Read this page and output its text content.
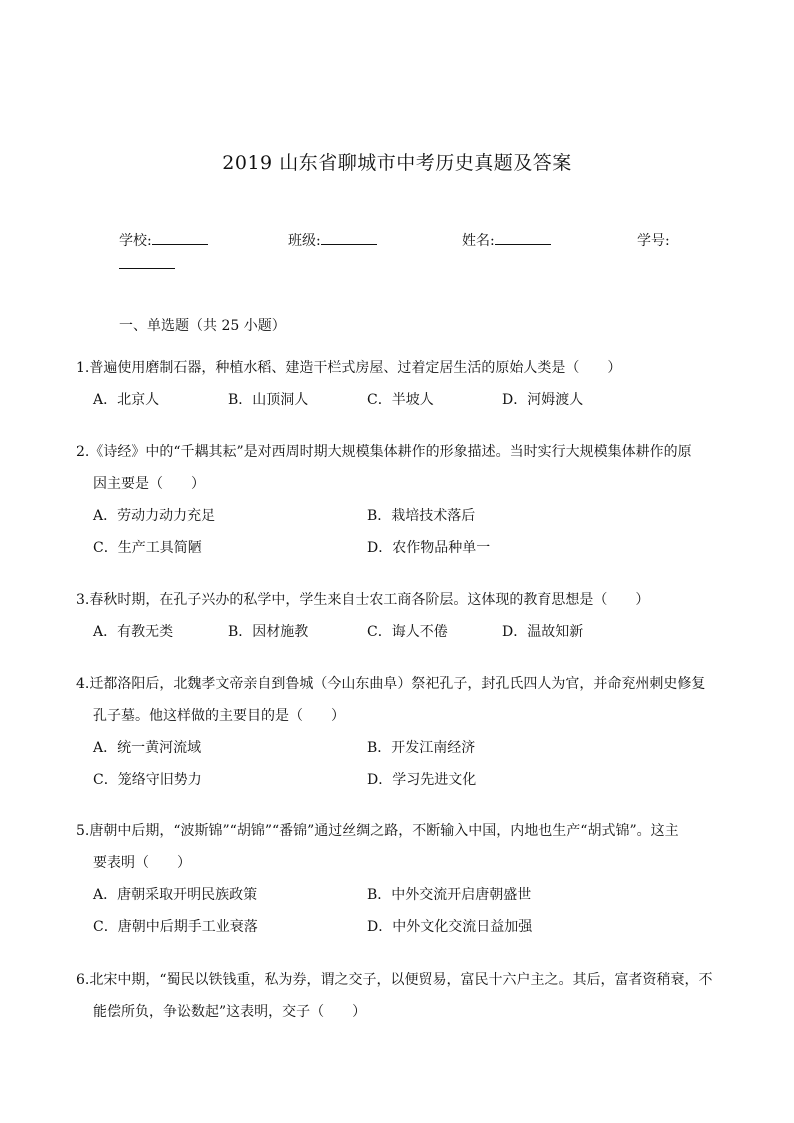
2019 山东省聊城市中考历史真题及答案
学校:	班级:	姓名:	学号:
一、单选题（共 25 小题）
1.普遍使用磨制石器，种植水稻、建造干栏式房屋、过着定居生活的原始人类是（　　）
A．北京人	B．山顶洞人	C．半坡人	D．河姆渡人
2.《诗经》中的“千耦其耘”是对西周时期大规模集体耕作的形象描述。当时实行大规模集体耕作的原
因主要是（　　）
A．劳动力动力充足	B．栽培技术落后
C．生产工具简陋	D．农作物品种单一
3.春秋时期，在孔子兴办的私学中，学生来自士农工商各阶层。这体现的教育思想是（　　）
A．有教无类	B．因材施教	C．诲人不倦	D．温故知新
4.迁都洛阳后，北魏孝文帝亲自到鲁城（今山东曲阜）祭祀孔子，封孔氏四人为官，并命兖州刺史修复
孔子墓。他这样做的主要目的是（　　）
A．统一黄河流域	B．开发江南经济
C．笼络守旧势力	D．学习先进文化
5.唐朝中后期，“波斯锦”“胡锦”“番锦”通过丝绸之路，不断输入中国，内地也生产“胡式锦”。这主
要表明（　　）
A．唐朝采取开明民族政策	B．中外交流开启唐朝盛世
C．唐朝中后期手工业衰落	D．中外文化交流日益加强
6.北宋中期，“蜀民以铁钱重，私为券，谓之交子，以便贸易，富民十六户主之。其后，富者资稍衰，不
能偿所负，争讼数起”这表明，交子（　　）
